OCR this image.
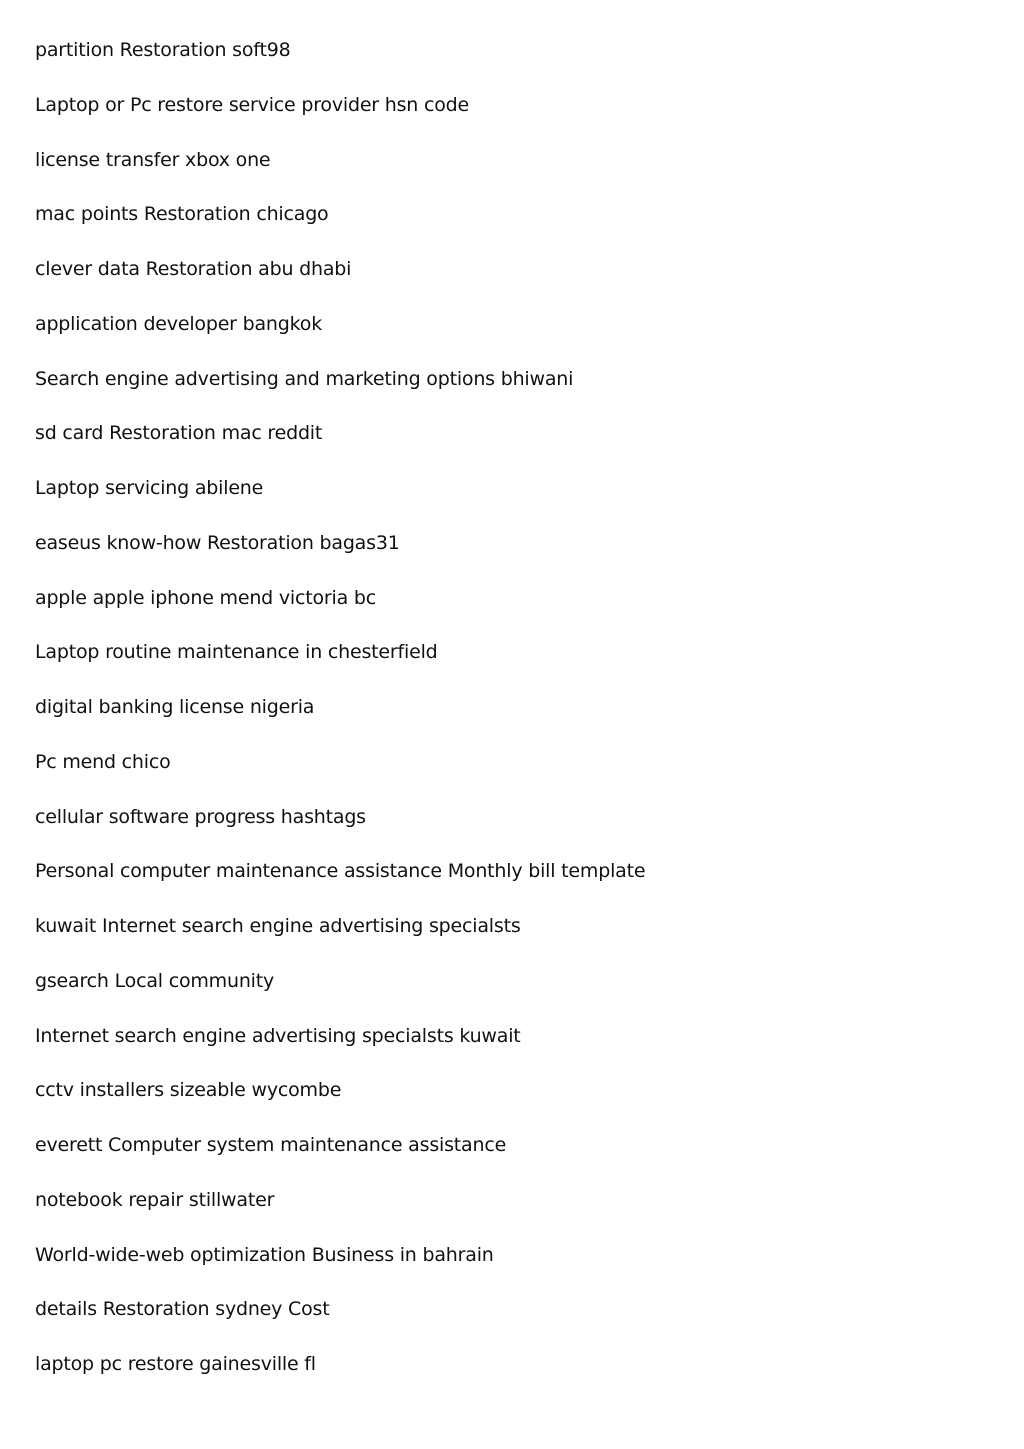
partition Restoration soft98
Laptop or Pc restore service provider hsn code
license transfer xbox one
mac points Restoration chicago
clever data Restoration abu dhabi
application developer bangkok
Search engine advertising and marketing options bhiwani
sd card Restoration mac reddit
Laptop servicing abilene
easeus know-how Restoration bagas31
apple apple iphone mend victoria bc
Laptop routine maintenance in chesterfield
digital banking license nigeria
Pc mend chico
cellular software progress hashtags
Personal computer maintenance assistance Monthly bill template
kuwait Internet search engine advertising specialsts
gsearch Local community
Internet search engine advertising specialsts kuwait
cctv installers sizeable wycombe
everett Computer system maintenance assistance
notebook repair stillwater
World-wide-web optimization Business in bahrain
details Restoration sydney Cost
laptop pc restore gainesville fl
